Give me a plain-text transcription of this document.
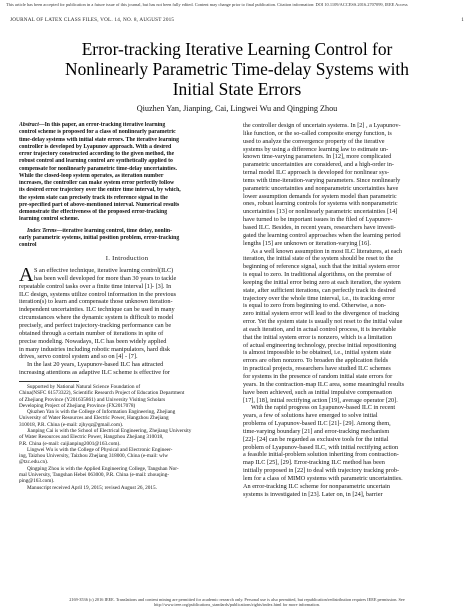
This article has been accepted for publication in a future issue of this journal, but has not been fully edited. Content may change prior to final publication. Citation information: DOI 10.1109/ACCESS.2016.2707099, IEEE Access
JOURNAL OF LATEX CLASS FILES, VOL. 14, NO. 8, AUGUST 2015	1
Error-tracking Iterative Learning Control for
Nonlinearly Parametric Time-delay Systems with
Initial State Errors
Qiuzhen Yan, Jianping, Cai, Lingwei Wu and Qingping Zhou
Abstract—In this paper, an error-tracking iterative learning
control scheme is proposed for a class of nonlinearly parametric
time-delay systems with initial state errors. The iterative learning
controller is developed by Lyapunov approach. With a desired
error trajectory constructed according to the given method, the
robust control and learning control are synthetically applied to
compensate for nonlinearly parametric time-delay uncertainties.
While the closed-loop system operates, as iteration number
increases, the controller can make system error perfectly follow
its desired error trajectory over the entire time interval, by which,
the system state can precisely track its reference signal in the
pre-specified part of above-mentioned interval. Numerical results
demonstrate the effectiveness of the proposed error-tracking
learning control scheme.
Index Terms—iterative learning control, time delay, nonlin-
early parametric systems, initial position problem, error-tracking
control
I. Introduction
A S an effective technique, iterative learning control(ILC)
has been well developed for more than 30 years to tackle
repeatable control tasks over a finite time interval [1]- [3]. In
ILC design, systems utilize control information in the previous
iteration(s) to learn and compensate those unknown iteration-
independent uncertainties. ILC technique can be used in many
circumstances where the dynamic system is difficult to model
precisely, and perfect trajectory-tracking performance can be
obtained through a certain number of iterations in spite of
precise modeling. Nowadays, ILC has been widely applied
in many industries including robotic manipulators, hard disk
drives, servo control system and so on [4] - [7].
In the last 20 years, Lyapunov-based ILC has attracted
increasing attentions as adaptive ILC scheme is effective for
Supported by National Natural Science Foundation of
China(NSFC 61573322), Scientific Research Project of Education Department
of Zhejiang Province (Y201635861) and University Visiting Scholars
Developing Project of Zhejiang Province (FX2017078)
Qiuzhen Yan is with the College of Information Engineering, Zhejiang
University of Water Resources and Electric Power, Hangzhou Zhejiang
310018, P.R. China (e-mail: zjhyqz@gmail.com).
Jianping Cai is with the School of Electrical Engineering, Zhejiang University
of Water Resources and Electric Power, Hangzhou Zhejiang 310018,
P.R. China (e-mail: caijianping2001@163.com).
Lingwei Wu is with the College of Physical and Electronic Engineer-
ing, Taizhou University, Taizhou Zhejiang 318000, China (e-mail: wlw
@tzc.edu.cn).
Qingping Zhou is with the Applied Engineering College, Tangshan Nor-
mal University, Tangshan Hebei 063000, P.R. China (e-mail: zhouqing-
ping@163.com).
Manuscript received April 19, 2015; revised August 26, 2015.
the controller design of uncertain systems. In [2] , a Lyapunov-
like function, or the so-called composite energy function, is
used to analyze the convergence property of the iterative
systems by using a difference learning law to estimate un-
known time-varying parameters. In [12], more complicated
parametric uncertainties are considered, and a high-order in-
ternal model ILC approach is developed for nonlinear sys-
tems with time-iteration-varying parameters. Since nonlinearly
parametric uncertainties and nonparametric uncertainties have
lower assumption demands for system model than parametric
ones, robust learning controls for systems with nonparametric
uncertainties [13] or nonlinearly parametric uncertainties [14]
have turned to be important issues in the filed of Lyapunov-
based ILC. Besides, in recent years, researchers have investi-
gated the learning control approaches when the learning period
lengths [15] are unknown or iteration-varying [16].
As a well known assumption in most ILC literatures, at each
iteration, the initial state of the system should be reset to the
beginning of reference signal, such that the initial system error
is equal to zero. In traditional algorithms, on the premise of
keeping the initial error being zero at each iteration, the system
state, after sufficient iterations, can perfectly track its desired
trajectory over the whole time interval, i.e., its tracking error
is equal to zero from beginning to end. Otherwise, a non-
zero initial system error will lead to the divergence of tracking
error. Yet the system state is usually not reset to the initial value
at each iteration, and in actual control process, it is inevitable
that the initial system error is nonzero, which is a limitation
of actual engineering technology, precise initial repositioning
is almost impossible to be obtained, i.e., initial system state
errors are often nonzero. To broaden the application fields
in practical projects, researchers have studied ILC schemes
for systems in the presence of random initial state errors for
years. In the contraction-map ILC area, some meaningful results
have been achieved, such as initial impulsive compensation
[17], [18], initial rectifying action [19], average operator [20].
With the rapid progress on Lyapunov-based ILC in recent
years, a few of solutions have emerged to solve initial
problems of Lyapunov-based ILC [21]- [29]. Among them,
time-varying boundary [21] and error-tracking mechanism
[22]- [24] can be regarded as exclusive tools for the initial
problem of Lyapunov-based ILC, with initial rectifying action
a feasible initial-problem solution inheriting from contraction-
map ILC [25], [29]. Error-tracking ILC method has been
initially proposed in [22] to deal with trajectory tracking prob-
lem for a class of MIMO systems with parametric uncertainties.
An error-tracking ILC scheme for nonparametric uncertain
systems is investigated in [23]. Later on, in [24], barrier
2169-3536 (c) 2016 IEEE. Translations and content mining are permitted for academic research only. Personal use is also permitted, but republication/redistribution requires IEEE permission. See
http://www.ieee.org/publications_standards/publications/rights/index.html for more information.
